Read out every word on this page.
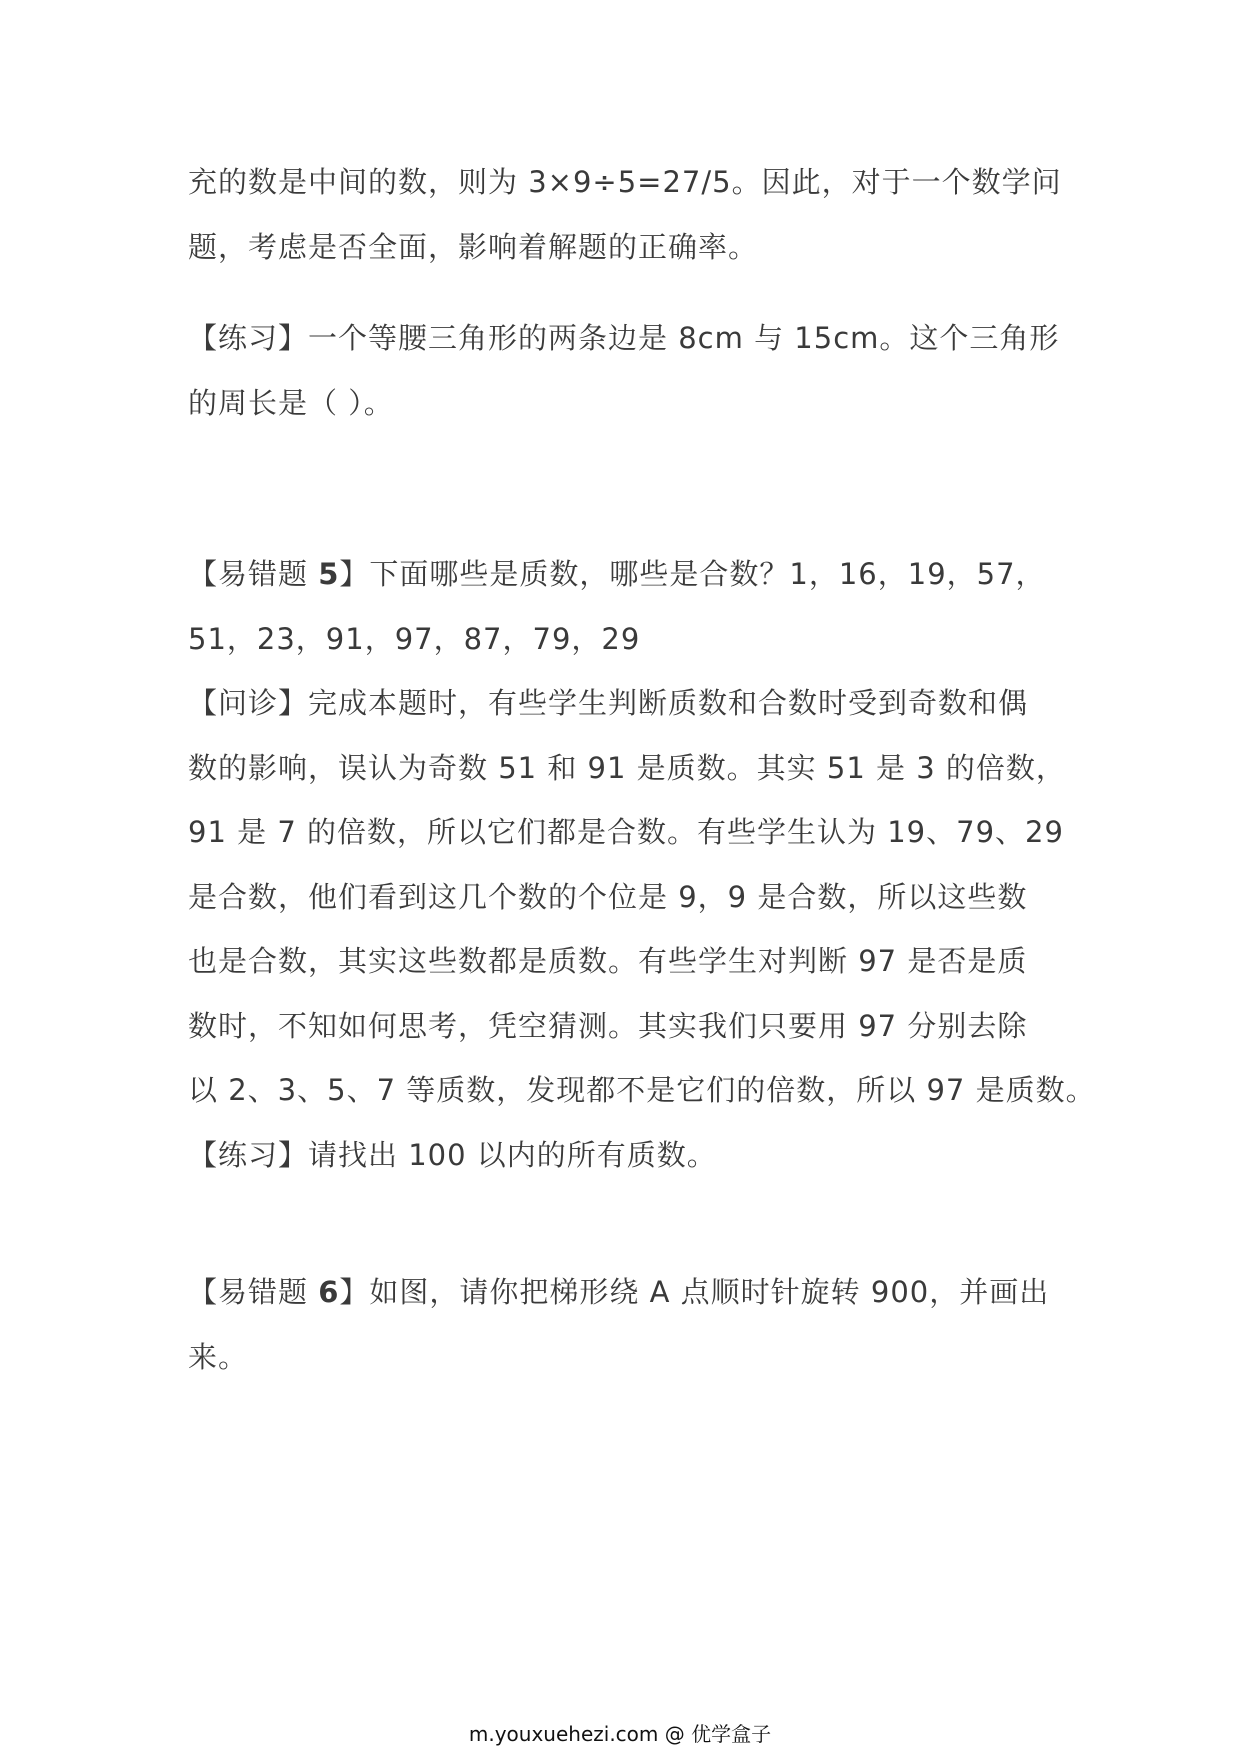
充的数是中间的数，则为 3×9÷5=27/5。因此，对于一个数学问
题，考虑是否全面，影响着解题的正确率。
【练习】一个等腰三角形的两条边是 8cm 与 15cm。这个三角形
的周长是（ ）。
【易错题 5】下面哪些是质数，哪些是合数？1，16，19，57，
51，23，91，97，87，79，29
【问诊】完成本题时，有些学生判断质数和合数时受到奇数和偶
数的影响，误认为奇数 51 和 91 是质数。其实 51 是 3 的倍数，
91 是 7 的倍数，所以它们都是合数。有些学生认为 19、79、29
是合数，他们看到这几个数的个位是 9，9 是合数，所以这些数
也是合数，其实这些数都是质数。有些学生对判断 97 是否是质
数时，不知如何思考，凭空猜测。其实我们只要用 97 分别去除
以 2、3、5、7 等质数，发现都不是它们的倍数，所以 97 是质数。
【练习】请找出 100 以内的所有质数。
【易错题 6】如图，请你把梯形绕 A 点顺时针旋转 900，并画出
来。
m.youxuehezi.com @ 优学盒子
